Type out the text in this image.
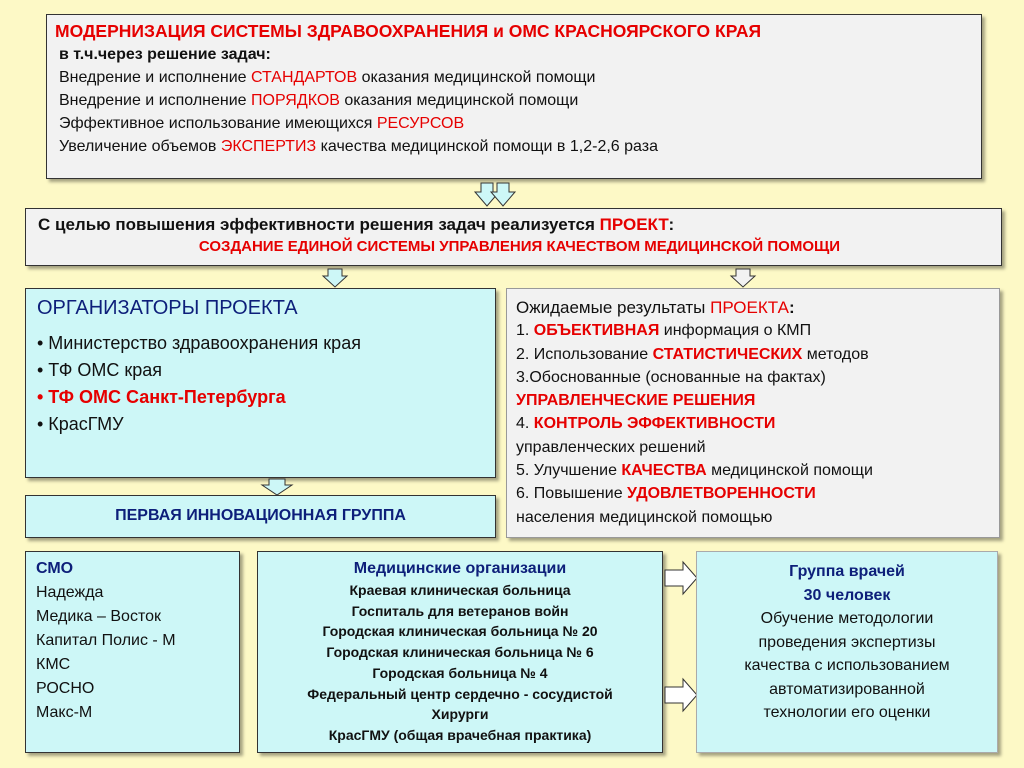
МОДЕРНИЗАЦИЯ СИСТЕМЫ ЗДРАВООХРАНЕНИЯ и ОМС КРАСНОЯРСКОГО КРАЯ
в т.ч.через решение задач:
Внедрение и исполнение СТАНДАРТОВ оказания медицинской помощи
Внедрение и исполнение ПОРЯДКОВ оказания медицинской помощи
Эффективное использование имеющихся РЕСУРСОВ
Увеличение объемов ЭКСПЕРТИЗ качества медицинской помощи в 1,2-2,6 раза
С целью повышения эффективности решения задач реализуется ПРОЕКТ:
СОЗДАНИЕ ЕДИНОЙ СИСТЕМЫ УПРАВЛЕНИЯ КАЧЕСТВОМ МЕДИЦИНСКОЙ ПОМОЩИ
ОРГАНИЗАТОРЫ ПРОЕКТА
• Министерство здравоохранения края
• ТФ ОМС края
• ТФ ОМС Санкт-Петербурга
• КрасГМУ
Ожидаемые результаты ПРОЕКТА:
1. ОБЪЕКТИВНАЯ информация о КМП
2. Использование СТАТИСТИЧЕСКИХ методов
3.Обоснованные (основанные на фактах)
УПРАВЛЕНЧЕСКИЕ РЕШЕНИЯ
4. КОНТРОЛЬ ЭФФЕКТИВНОСТИ
управленческих решений
5. Улучшение КАЧЕСТВА медицинской помощи
6. Повышение УДОВЛЕТВОРЕННОСТИ
населения медицинской помощью
ПЕРВАЯ ИННОВАЦИОННАЯ ГРУППА
СМО
Надежда
Медика – Восток
Капитал Полис - М
КМС
РОСНО
Макс-М
Медицинские организации
Краевая клиническая больница
Госпиталь для ветеранов войн
Городская клиническая больница № 20
Городская клиническая больница № 6
Городская больница № 4
Федеральный центр сердечно - сосудистой
Хирурги
КрасГМУ (общая врачебная практика)
Группа врачей
30 человек
Обучение методологии
проведения экспертизы
качества с использованием
автоматизированной
технологии его оценки
